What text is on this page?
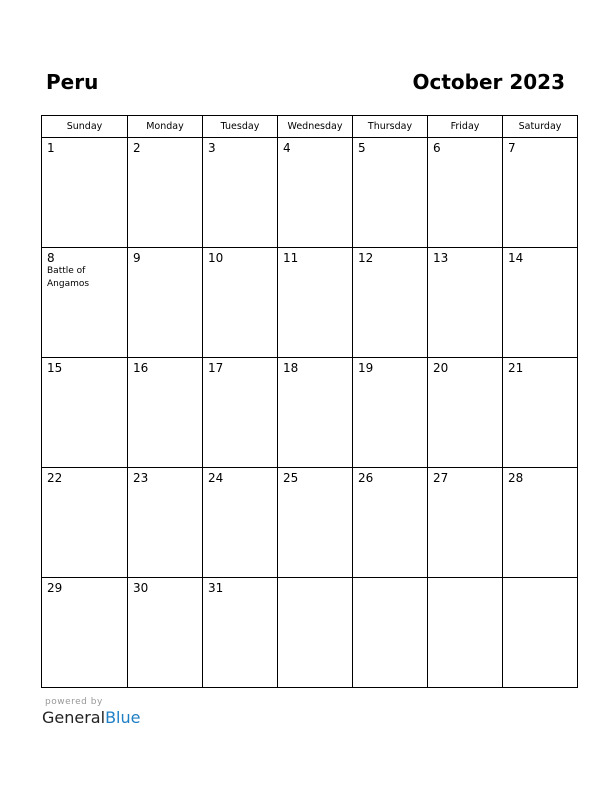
Peru	October 2023
Sunday	Monday	Tuesday	Wednesday	Thursday	Friday	Saturday

1	2	3	4	5	6	7

8
Battle of Angamos	9	10	11	12	13	14

15	16	17	18	19	20	21

22	23	24	25	26	27	28

29	30	31				

powered by
GeneralBlue
